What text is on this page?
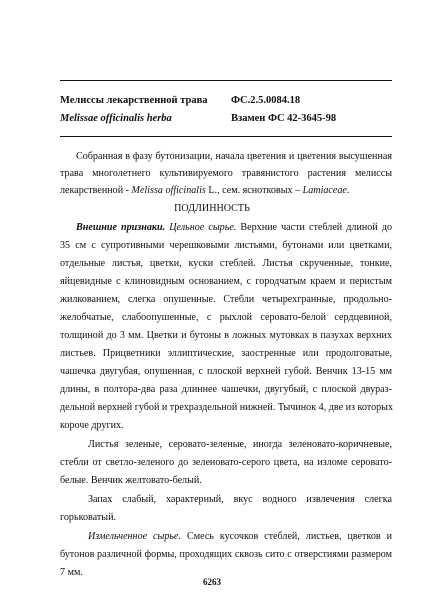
Мелиссы лекарственной трава
Melissae officinalis herba
ФС.2.5.0084.18
Взамен ФС 42-3645-98
Собранная в фазу бутонизации, начала цветения и цветения высушенная
трава многолетнего культивируемого травянистого растения мелиссы
лекарственной - Melissa officinalis L., сем. яснотковых – Lamiaceae.
ПОДЛИННОСТЬ
Внешние признаки. Цельное сырье. Верхние части стеблей длиной до
35 см с супротивными черешковыми листьями, бутонами или цветками,
отдельные листья, цветки, куски стеблей. Листья скрученные, тонкие,
яйцевидные с клиновидным основанием, с городчатым краем и перистым
жилкованием, слегка опушенные. Стебли четырехгранные, продольно-
желобчатые, слабоопушенные, с рыхлой серовато-белой сердцевиной,
толщиной до 3 мм. Цветки и бутоны в ложных мутовках в пазухах верхних
листьев. Прицветники эллиптические, заостренные или продолговатые,
чашечка двугубая, опушенная, с плоской верхней губой. Венчик 13-15 мм
длины, в полтора-два раза длиннее чашечки, двугубый, с плоской двураз-
дельной верхней губой и трехраздельной нижней. Тычинок 4, две из которых
короче других.
Листья зеленые, серовато-зеленые, иногда зеленовато-коричневые,
стебли от светло-зеленого до зеленовато-серого цвета, на изломе серовато-
белые. Венчик желтовато-белый.
Запах слабый, характерный, вкус водного извлечения слегка
горьковатый.
Измельченное сырье. Смесь кусочков стеблей, листьев, цветков и
бутонов различной формы, проходящих сквозь сито с отверстиями размером
7 мм.
6263
